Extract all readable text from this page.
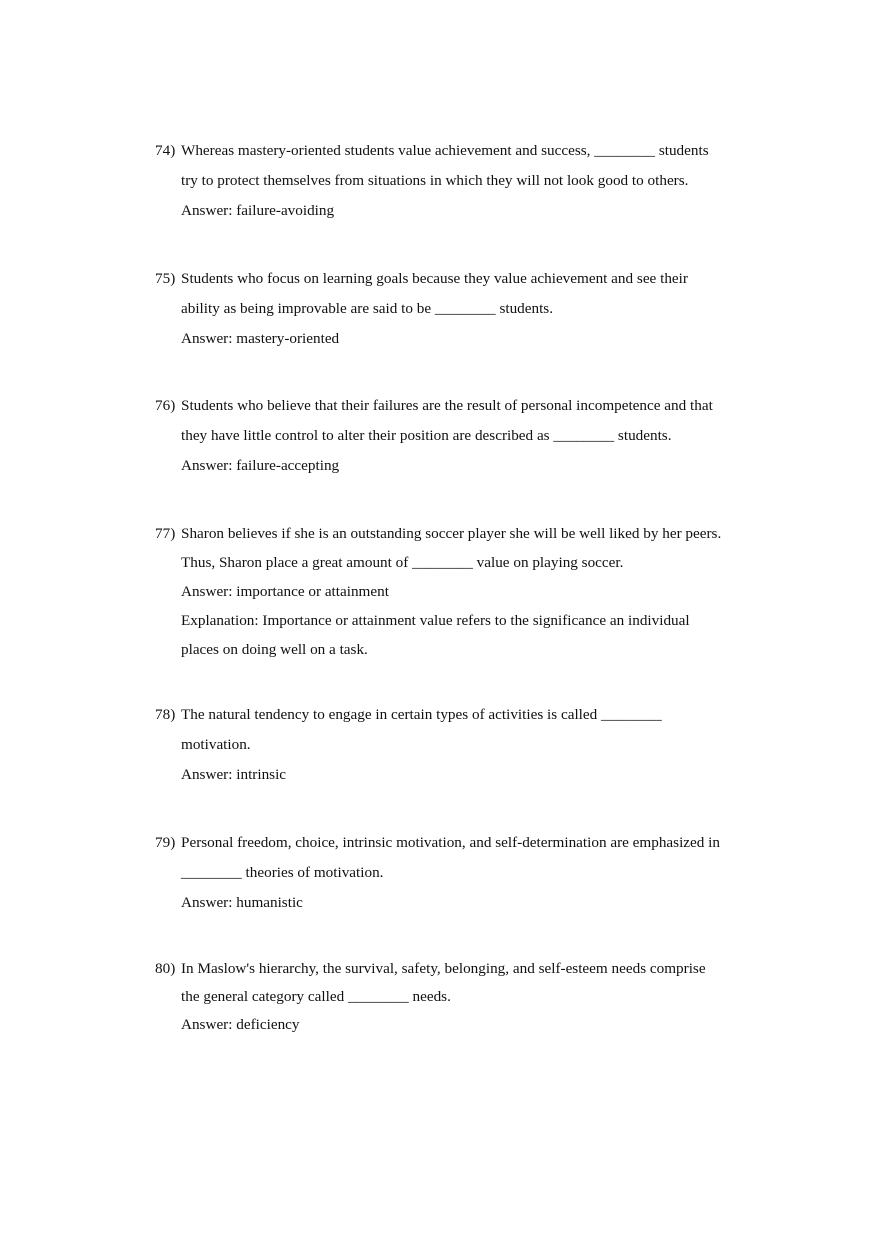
74) Whereas mastery-oriented students value achievement and success, ________ students
try to protect themselves from situations in which they will not look good to others.
Answer: failure-avoiding
75) Students who focus on learning goals because they value achievement and see their
ability as being improvable are said to be ________ students.
Answer: mastery-oriented
76) Students who believe that their failures are the result of personal incompetence and that
they have little control to alter their position are described as ________ students.
Answer: failure-accepting
77) Sharon believes if she is an outstanding soccer player she will be well liked by her peers.
Thus, Sharon place a great amount of ________ value on playing soccer.
Answer: importance or attainment
Explanation: Importance or attainment value refers to the significance an individual
places on doing well on a task.
78) The natural tendency to engage in certain types of activities is called ________
motivation.
Answer: intrinsic
79) Personal freedom, choice, intrinsic motivation, and self-determination are emphasized in
________ theories of motivation.
Answer: humanistic
80) In Maslow's hierarchy, the survival, safety, belonging, and self-esteem needs comprise
the general category called ________ needs.
Answer: deficiency
